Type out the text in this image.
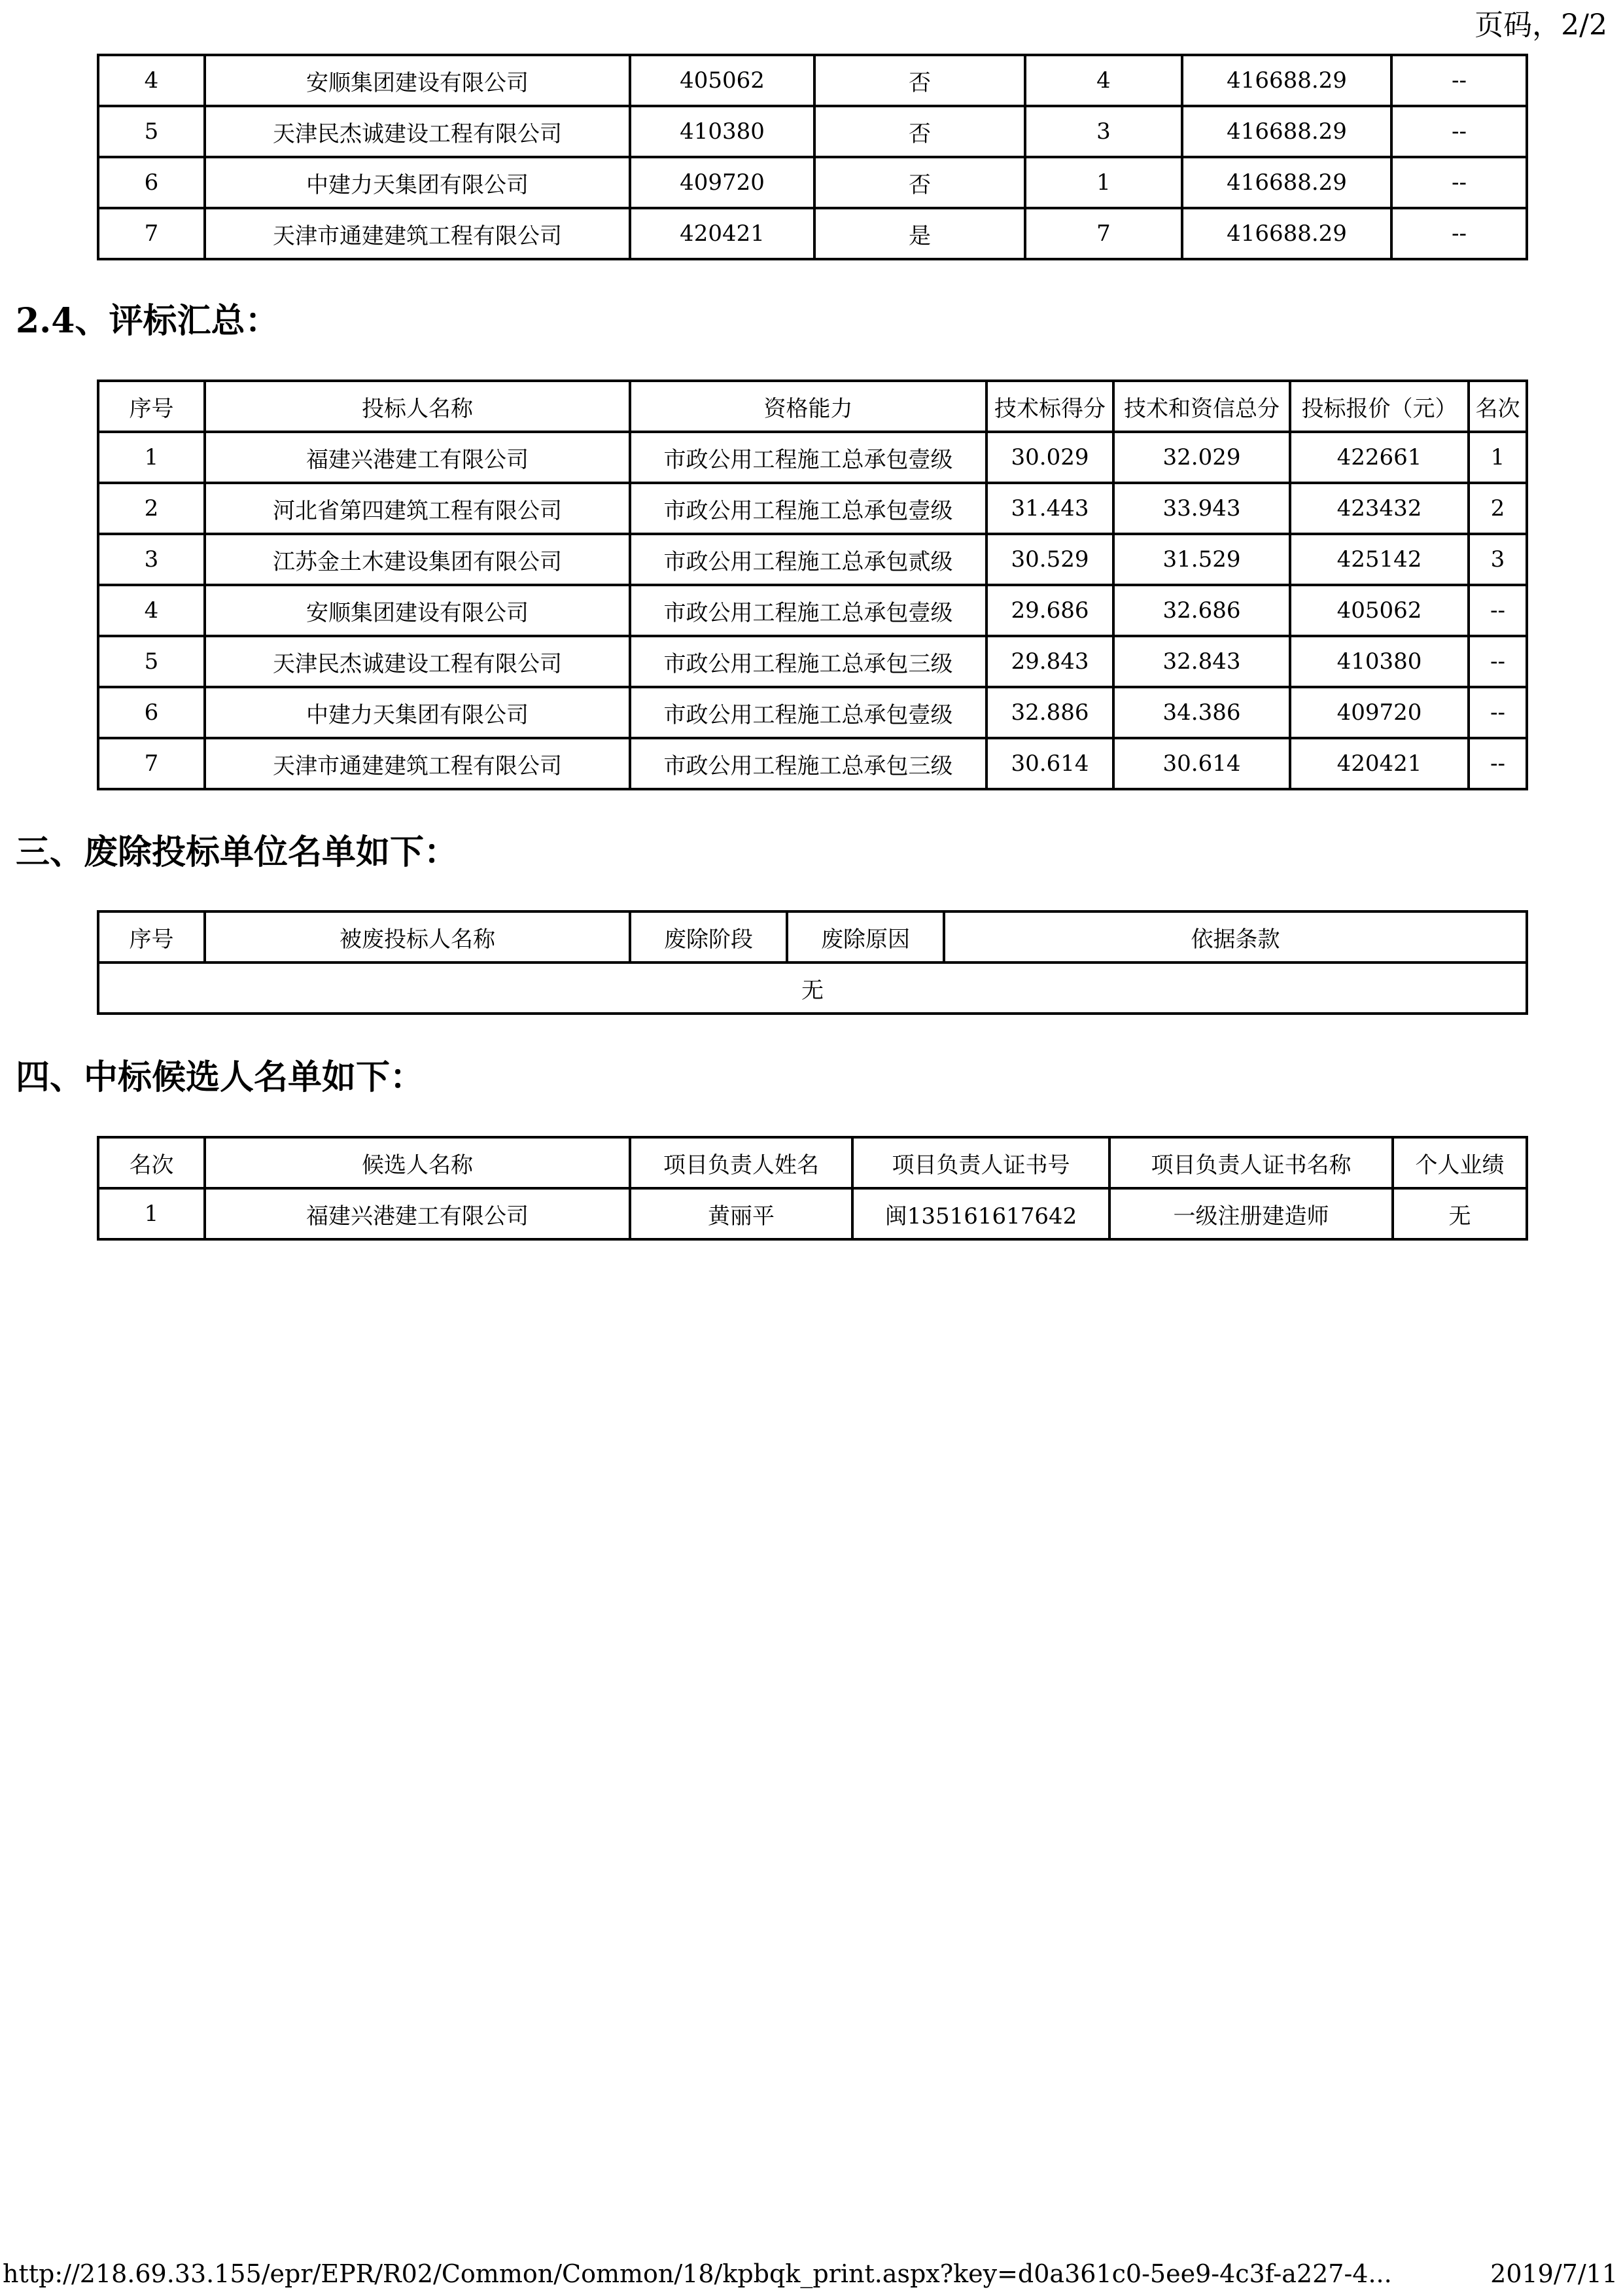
页码，2/2
4	安顺集团建设有限公司	405062	否	4	416688.29	--
5	天津民杰诚建设工程有限公司	410380	否	3	416688.29	--
6	中建力天集团有限公司	409720	否	1	416688.29	--
7	天津市通建建筑工程有限公司	420421	是	7	416688.29	--
2.4、评标汇总：
序号	投标人名称	资格能力	技术标得分	技术和资信总分	投标报价（元）	名次
1	福建兴港建工有限公司	市政公用工程施工总承包壹级	30.029	32.029	422661	1
2	河北省第四建筑工程有限公司	市政公用工程施工总承包壹级	31.443	33.943	423432	2
3	江苏金土木建设集团有限公司	市政公用工程施工总承包贰级	30.529	31.529	425142	3
4	安顺集团建设有限公司	市政公用工程施工总承包壹级	29.686	32.686	405062	--
5	天津民杰诚建设工程有限公司	市政公用工程施工总承包三级	29.843	32.843	410380	--
6	中建力天集团有限公司	市政公用工程施工总承包壹级	32.886	34.386	409720	--
7	天津市通建建筑工程有限公司	市政公用工程施工总承包三级	30.614	30.614	420421	--
三、废除投标单位名单如下：
序号	被废投标人名称	废除阶段	废除原因	依据条款
无
四、中标候选人名单如下：
名次	候选人名称	项目负责人姓名	项目负责人证书号	项目负责人证书名称	个人业绩
1	福建兴港建工有限公司	黄丽平	闽135161617642	一级注册建造师	无
http://218.69.33.155/epr/EPR/R02/Common/Common/18/kpbqk_print.aspx?key=d0a361c0-5ee9-4c3f-a227-4...	2019/7/11
